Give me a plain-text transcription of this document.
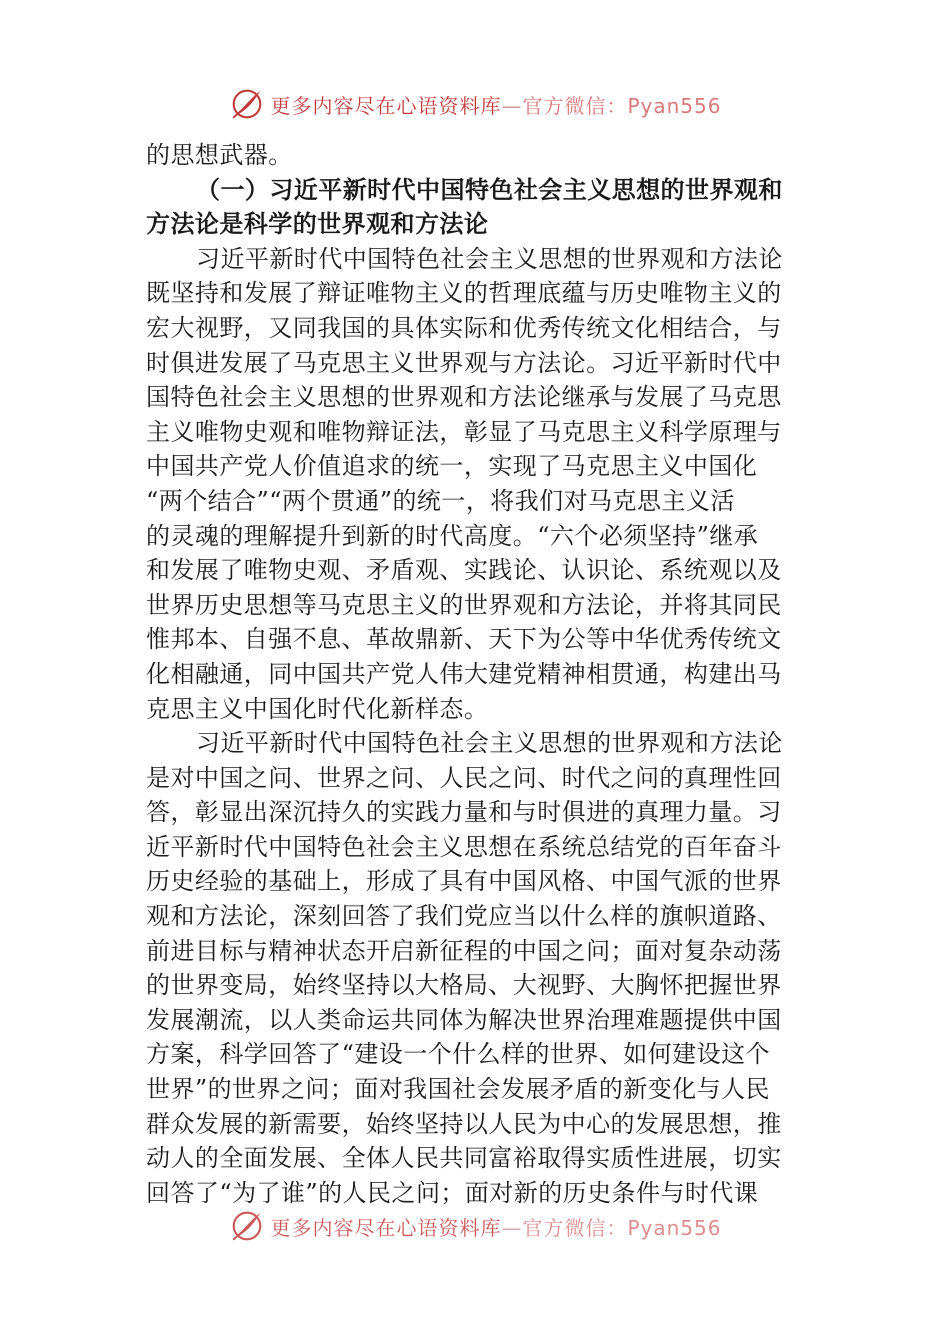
更多内容尽在心语资料库—官方微信：Pyan556
的思想武器。
（一）习近平新时代中国特色社会主义思想的世界观和
方法论是科学的世界观和方法论
习近平新时代中国特色社会主义思想的世界观和方法论
既坚持和发展了辩证唯物主义的哲理底蕴与历史唯物主义的
宏大视野，又同我国的具体实际和优秀传统文化相结合，与
时俱进发展了马克思主义世界观与方法论。习近平新时代中
国特色社会主义思想的世界观和方法论继承与发展了马克思
主义唯物史观和唯物辩证法，彰显了马克思主义科学原理与
中国共产党人价值追求的统一，实现了马克思主义中国化
“两个结合”“两个贯通”的统一，将我们对马克思主义活
的灵魂的理解提升到新的时代高度。“六个必须坚持”继承
和发展了唯物史观、矛盾观、实践论、认识论、系统观以及
世界历史思想等马克思主义的世界观和方法论，并将其同民
惟邦本、自强不息、革故鼎新、天下为公等中华优秀传统文
化相融通，同中国共产党人伟大建党精神相贯通，构建出马
克思主义中国化时代化新样态。
习近平新时代中国特色社会主义思想的世界观和方法论
是对中国之问、世界之问、人民之问、时代之问的真理性回
答，彰显出深沉持久的实践力量和与时俱进的真理力量。习
近平新时代中国特色社会主义思想在系统总结党的百年奋斗
历史经验的基础上，形成了具有中国风格、中国气派的世界
观和方法论，深刻回答了我们党应当以什么样的旗帜道路、
前进目标与精神状态开启新征程的中国之问；面对复杂动荡
的世界变局，始终坚持以大格局、大视野、大胸怀把握世界
发展潮流，以人类命运共同体为解决世界治理难题提供中国
方案，科学回答了“建设一个什么样的世界、如何建设这个
世界”的世界之问；面对我国社会发展矛盾的新变化与人民
群众发展的新需要，始终坚持以人民为中心的发展思想，推
动人的全面发展、全体人民共同富裕取得实质性进展，切实
回答了“为了谁”的人民之问；面对新的历史条件与时代课
更多内容尽在心语资料库—官方微信：Pyan556
